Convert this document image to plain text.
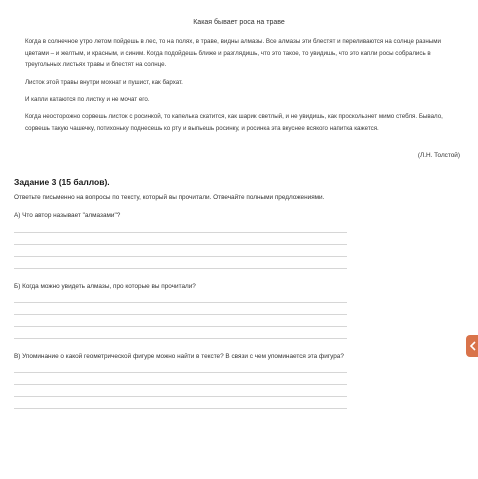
Какая бывает роса на траве

Когда в солнечное утро летом пойдешь в лес, то на полях, в траве, видны алмазы. Все алмазы эти блестят и переливаются на солнце разными цветами – и желтым, и красным, и синим. Когда подойдешь ближе и разглядишь, что это такое, то увидишь, что это капли росы собрались в треугольных листьях травы и блестят на солнце.

Листок этой травы внутри мохнат и пушист, как бархат.

И капли катаются по листку и не мочат его.

Когда неосторожно сорвешь листок с росинкой, то капелька скатится, как шарик светлый, и не увидишь, как проскользнет мимо стебля. Бывало, сорвешь такую чашечку, потихоньку поднесешь ко рту и выпьешь росинку, и росинка эта вкуснее всякого напитка кажется.

(Л.Н. Толстой)
Задание 3 (15 баллов).
Ответьте письменно на вопросы по тексту, который вы прочитали. Отвечайте полными предложениями.
А) Что автор называет "алмазами"?
Б) Когда можно увидеть алмазы, про которые вы прочитали?
В) Упоминание о какой геометрической фигуре можно найти в тексте? В связи с чем упоминается эта фигура?
